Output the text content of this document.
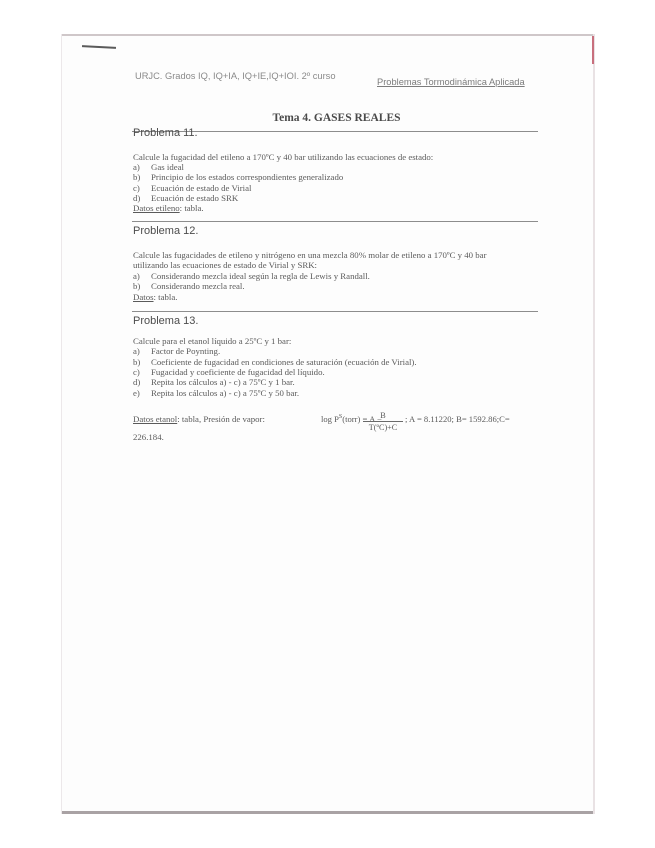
URJC. Grados IQ, IQ+IA, IQ+IE,IQ+IOI. 2º curso
Problemas Tormodinámica Aplicada
Tema 4. GASES REALES
Problema 11.
Calcule la fugacidad del etileno a 170ºC y 40 bar utilizando las ecuaciones de estado:
a) Gas ideal
b) Principio de los estados correspondientes generalizado
c) Ecuación de estado de Virial
d) Ecuación de estado SRK
Datos etileno: tabla.
Problema 12.
Calcule las fugacidades de etileno y nitrógeno en una mezcla 80% molar de etileno a 170ºC y 40 bar
utilizando las ecuaciones de estado de Virial y SRK:
a) Considerando mezcla ideal según la regla de Lewis y Randall.
b) Considerando mezcla real.
Datos: tabla.
Problema 13.
Calcule para el etanol líquido a 25ºC y 1 bar:
a) Factor de Poynting.
b) Coeficiente de fugacidad en condiciones de saturación (ecuación de Virial).
c) Fugacidad y coeficiente de fugacidad del líquido.
d) Repita los cálculos a) - c) a 75ºC y 1 bar.
e) Repita los cálculos a) - c) a 75ºC y 50 bar.
Datos etanol: tabla, Presión de vapor:	$\log P^S(torr) = A$ −
$\frac{B}{\text{T(ºC)+C}}$ ; A = 8.11220; B= 1592.86;C=
226.184.
